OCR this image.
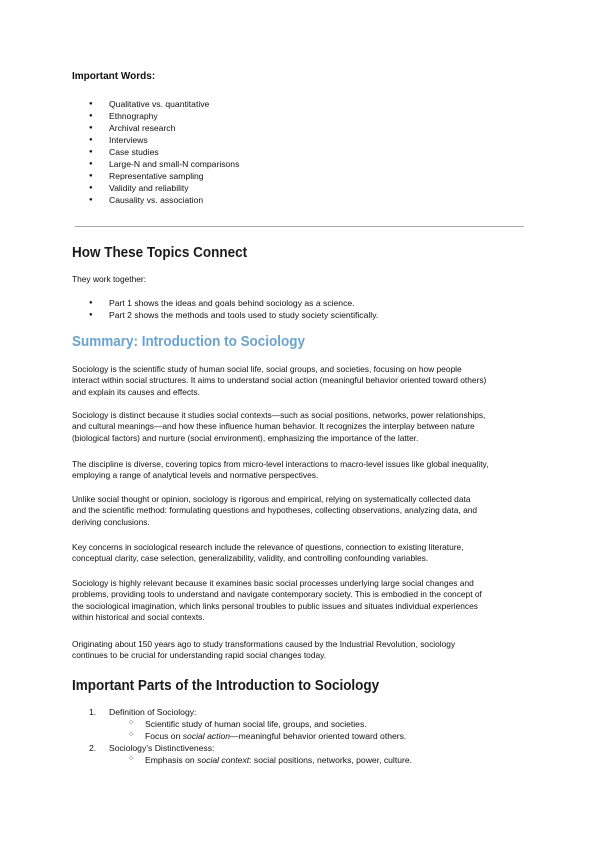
Important Words:
● Qualitative vs. quantitative
● Ethnography
● Archival research
● Interviews
● Case studies
● Large-N and small-N comparisons
● Representative sampling
● Validity and reliability
● Causality vs. association
How These Topics Connect
They work together:
● Part 1 shows the ideas and goals behind sociology as a science.
● Part 2 shows the methods and tools used to study society scientifically.
Summary: Introduction to Sociology
Sociology is the scientific study of human social life, social groups, and societies, focusing on how people
interact within social structures. It aims to understand social action (meaningful behavior oriented toward others)
and explain its causes and effects.
Sociology is distinct because it studies social contexts—such as social positions, networks, power relationships,
and cultural meanings—and how these influence human behavior. It recognizes the interplay between nature
(biological factors) and nurture (social environment), emphasizing the importance of the latter.
The discipline is diverse, covering topics from micro-level interactions to macro-level issues like global inequality,
employing a range of analytical levels and normative perspectives.
Unlike social thought or opinion, sociology is rigorous and empirical, relying on systematically collected data
and the scientific method: formulating questions and hypotheses, collecting observations, analyzing data, and
deriving conclusions.
Key concerns in sociological research include the relevance of questions, connection to existing literature,
conceptual clarity, case selection, generalizability, validity, and controlling confounding variables.
Sociology is highly relevant because it examines basic social processes underlying large social changes and
problems, providing tools to understand and navigate contemporary society. This is embodied in the concept of
the sociological imagination, which links personal troubles to public issues and situates individual experiences
within historical and social contexts.
Originating about 150 years ago to study transformations caused by the Industrial Revolution, sociology
continues to be crucial for understanding rapid social changes today.
Important Parts of the Introduction to Sociology
1. Definition of Sociology:
○ Scientific study of human social life, groups, and societies.
○ Focus on social action—meaningful behavior oriented toward others.
2. Sociology’s Distinctiveness:
○ Emphasis on social context: social positions, networks, power, culture.
